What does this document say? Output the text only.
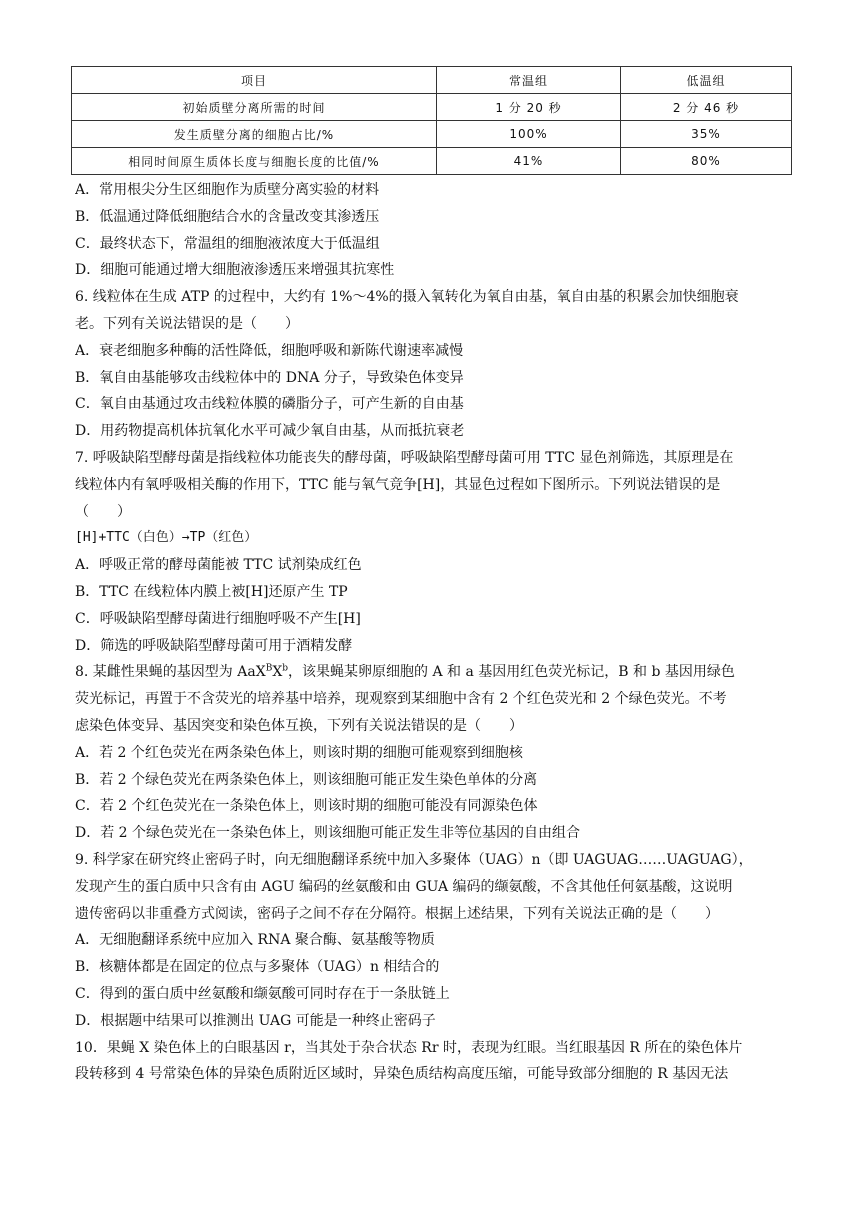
项目	常温组	低温组
初始质壁分离所需的时间	1 分 20 秒	2 分 46 秒
发生质壁分离的细胞占比/%	100%	35%
相同时间原生质体长度与细胞长度的比值/%	41%	80%
A．常用根尖分生区细胞作为质壁分离实验的材料
B．低温通过降低细胞结合水的含量改变其渗透压
C．最终状态下，常温组的细胞液浓度大于低温组
D．细胞可能通过增大细胞液渗透压来增强其抗寒性
6. 线粒体在生成 ATP 的过程中，大约有 1%～4%的摄入氧转化为氧自由基，氧自由基的积累会加快细胞衰
老。下列有关说法错误的是（　　）
A．衰老细胞多种酶的活性降低，细胞呼吸和新陈代谢速率减慢
B．氧自由基能够攻击线粒体中的 DNA 分子，导致染色体变异
C．氧自由基通过攻击线粒体膜的磷脂分子，可产生新的自由基
D．用药物提高机体抗氧化水平可减少氧自由基，从而抵抗衰老
7. 呼吸缺陷型酵母菌是指线粒体功能丧失的酵母菌，呼吸缺陷型酵母菌可用 TTC 显色剂筛选，其原理是在
线粒体内有氧呼吸相关酶的作用下，TTC 能与氧气竞争[H]，其显色过程如下图所示。下列说法错误的是
（　　）
[H]+TTC（白色）→TP（红色）
A．呼吸正常的酵母菌能被 TTC 试剂染成红色
B．TTC 在线粒体内膜上被[H]还原产生 TP
C．呼吸缺陷型酵母菌进行细胞呼吸不产生[H]
D．筛选的呼吸缺陷型酵母菌可用于酒精发酵
8. 某雌性果蝇的基因型为 $AaX^BX^b$，该果蝇某卵原细胞的 A 和 a 基因用红色荧光标记，B 和 b 基因用绿色
荧光标记，再置于不含荧光的培养基中培养，现观察到某细胞中含有 2 个红色荧光和 2 个绿色荧光。不考
虑染色体变异、基因突变和染色体互换，下列有关说法错误的是（　　）
A．若 2 个红色荧光在两条染色体上，则该时期的细胞可能观察到细胞核
B．若 2 个绿色荧光在两条染色体上，则该细胞可能正发生染色单体的分离
C．若 2 个红色荧光在一条染色体上，则该时期的细胞可能没有同源染色体
D．若 2 个绿色荧光在一条染色体上，则该细胞可能正发生非等位基因的自由组合
9. 科学家在研究终止密码子时，向无细胞翻译系统中加入多聚体（UAG）n（即 UAGUAG……UAGUAG），
发现产生的蛋白质中只含有由 AGU 编码的丝氨酸和由 GUA 编码的缬氨酸，不含其他任何氨基酸，这说明
遗传密码以非重叠方式阅读，密码子之间不存在分隔符。根据上述结果，下列有关说法正确的是（　　）
A．无细胞翻译系统中应加入 RNA 聚合酶、氨基酸等物质
B．核糖体都是在固定的位点与多聚体（UAG）n 相结合的
C．得到的蛋白质中丝氨酸和缬氨酸可同时存在于一条肽链上
D．根据题中结果可以推测出 UAG 可能是一种终止密码子
10．果蝇 X 染色体上的白眼基因 r，当其处于杂合状态 Rr 时，表现为红眼。当红眼基因 R 所在的染色体片
段转移到 4 号常染色体的异染色质附近区域时，异染色质结构高度压缩，可能导致部分细胞的 R 基因无法
